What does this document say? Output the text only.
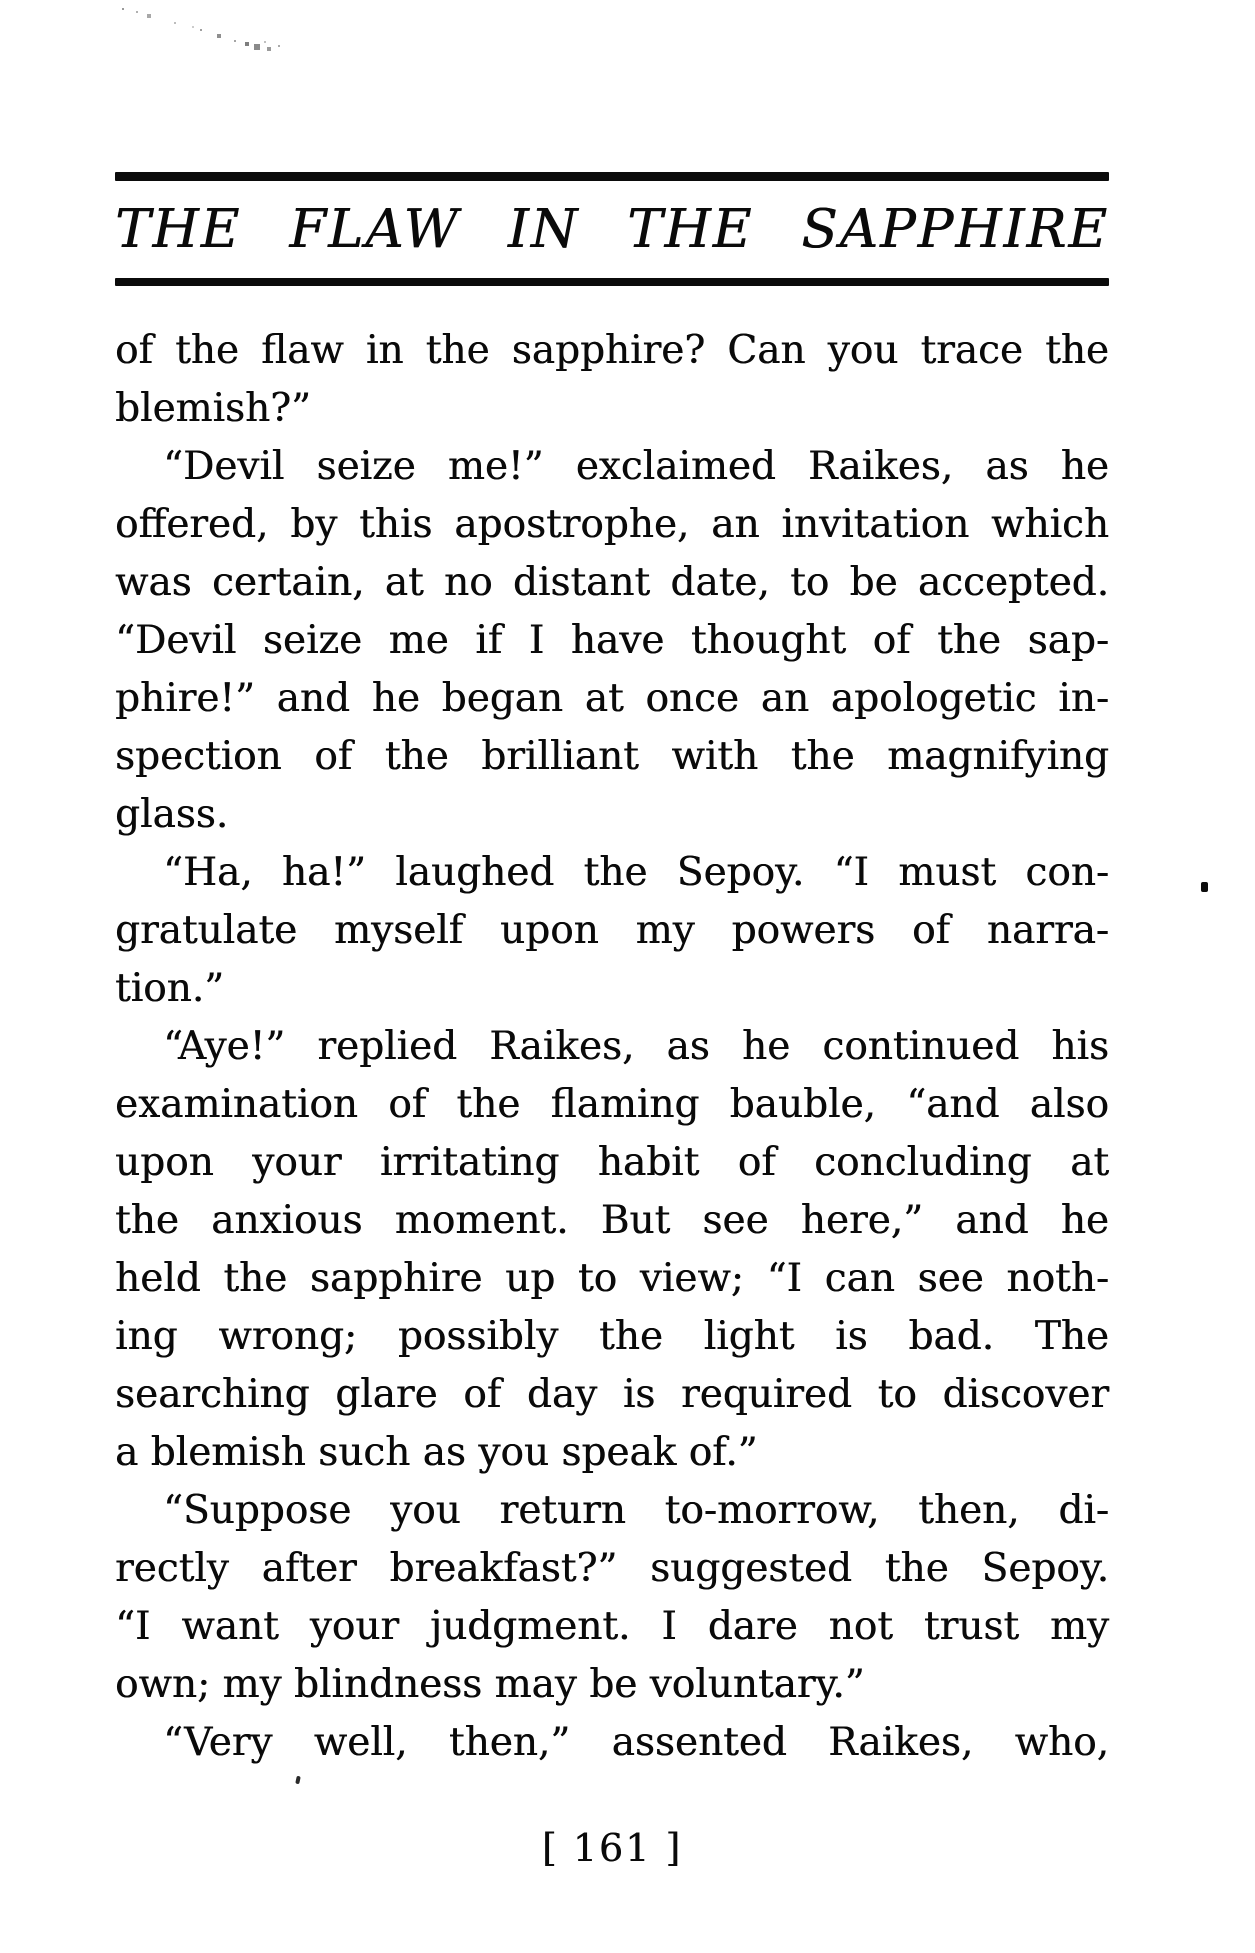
THE FLAW IN THE SAPPHIRE
of the flaw in the sapphire? Can you trace the
blemish?”
“Devil seize me!” exclaimed Raikes, as he
offered, by this apostrophe, an invitation which
was certain, at no distant date, to be accepted.
“Devil seize me if I have thought of the sap-
phire!” and he began at once an apologetic in-
spection of the brilliant with the magnifying
glass.
“Ha, ha!” laughed the Sepoy. “I must con-
gratulate myself upon my powers of narra-
tion.”
“Aye!” replied Raikes, as he continued his
examination of the flaming bauble, “and also
upon your irritating habit of concluding at
the anxious moment. But see here,” and he
held the sapphire up to view; “I can see noth-
ing wrong; possibly the light is bad. The
searching glare of day is required to discover
a blemish such as you speak of.”
“Suppose you return to-morrow, then, di-
rectly after breakfast?” suggested the Sepoy.
“I want your judgment. I dare not trust my
own; my blindness may be voluntary.”
“Very well, then,” assented Raikes, who,
[ 161 ]
